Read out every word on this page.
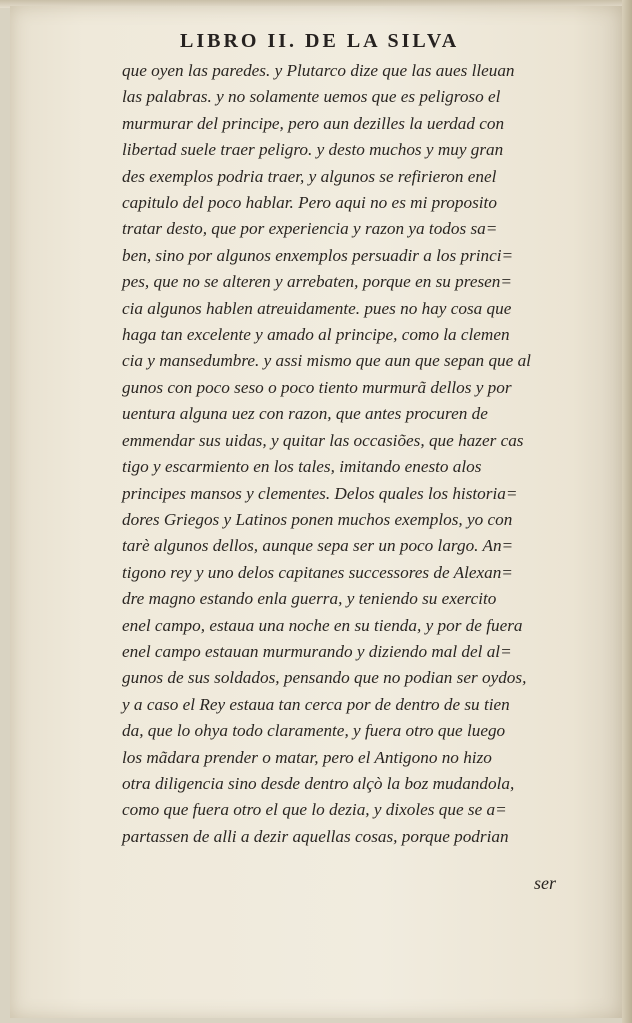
LIBRO II. DE LA SILVA
que oyen las paredes. y Plutarco dize que las aues lleuan
las palabras. y no solamente uemos que es peligroso el
murmurar del principe, pero aun dezilles la uerdad con
libertad suele traer peligro. y desto muchos y muy gran
des exemplos podria traer, y algunos se refirieron enel
capitulo del poco hablar. Pero aqui no es mi proposito
tratar desto, que por experiencia y razon ya todos sa=
ben, sino por algunos enxemplos persuadir a los princi=
pes, que no se alteren y arrebaten, porque en su presen=
cia algunos hablen atreuidamente. pues no hay cosa que
haga tan excelente y amado al principe, como la clemen
cia y mansedumbre. y assi mismo que aun que sepan que al
gunos con poco seso o poco tiento murmurã dellos y por
uentura alguna uez con razon, que antes procuren de
emmendar sus uidas, y quitar las occasiões, que hazer cas
tigo y escarmiento en los tales, imitando enesto alos
principes mansos y clementes. Delos quales los historia=
dores Griegos y Latinos ponen muchos exemplos, yo con
tarè algunos dellos, aunque sepa ser un poco largo. An=
tigono rey y uno delos capitanes successores de Alexan=
dre magno estando enla guerra, y teniendo su exercito
enel campo, estaua una noche en su tienda, y por de fuera
enel campo estauan murmurando y diziendo mal del al=
gunos de sus soldados, pensando que no podian ser oydos,
y a caso el Rey estaua tan cerca por de dentro de su tien
da, que lo ohya todo claramente, y fuera otro que luego
los mãdara prender o matar, pero el Antigono no hizo
otra diligencia sino desde dentro alçò la boz mudandola,
como que fuera otro el que lo dezia, y dixoles que se a=
partassen de alli a dezir aquellas cosas, porque podrian
ser
